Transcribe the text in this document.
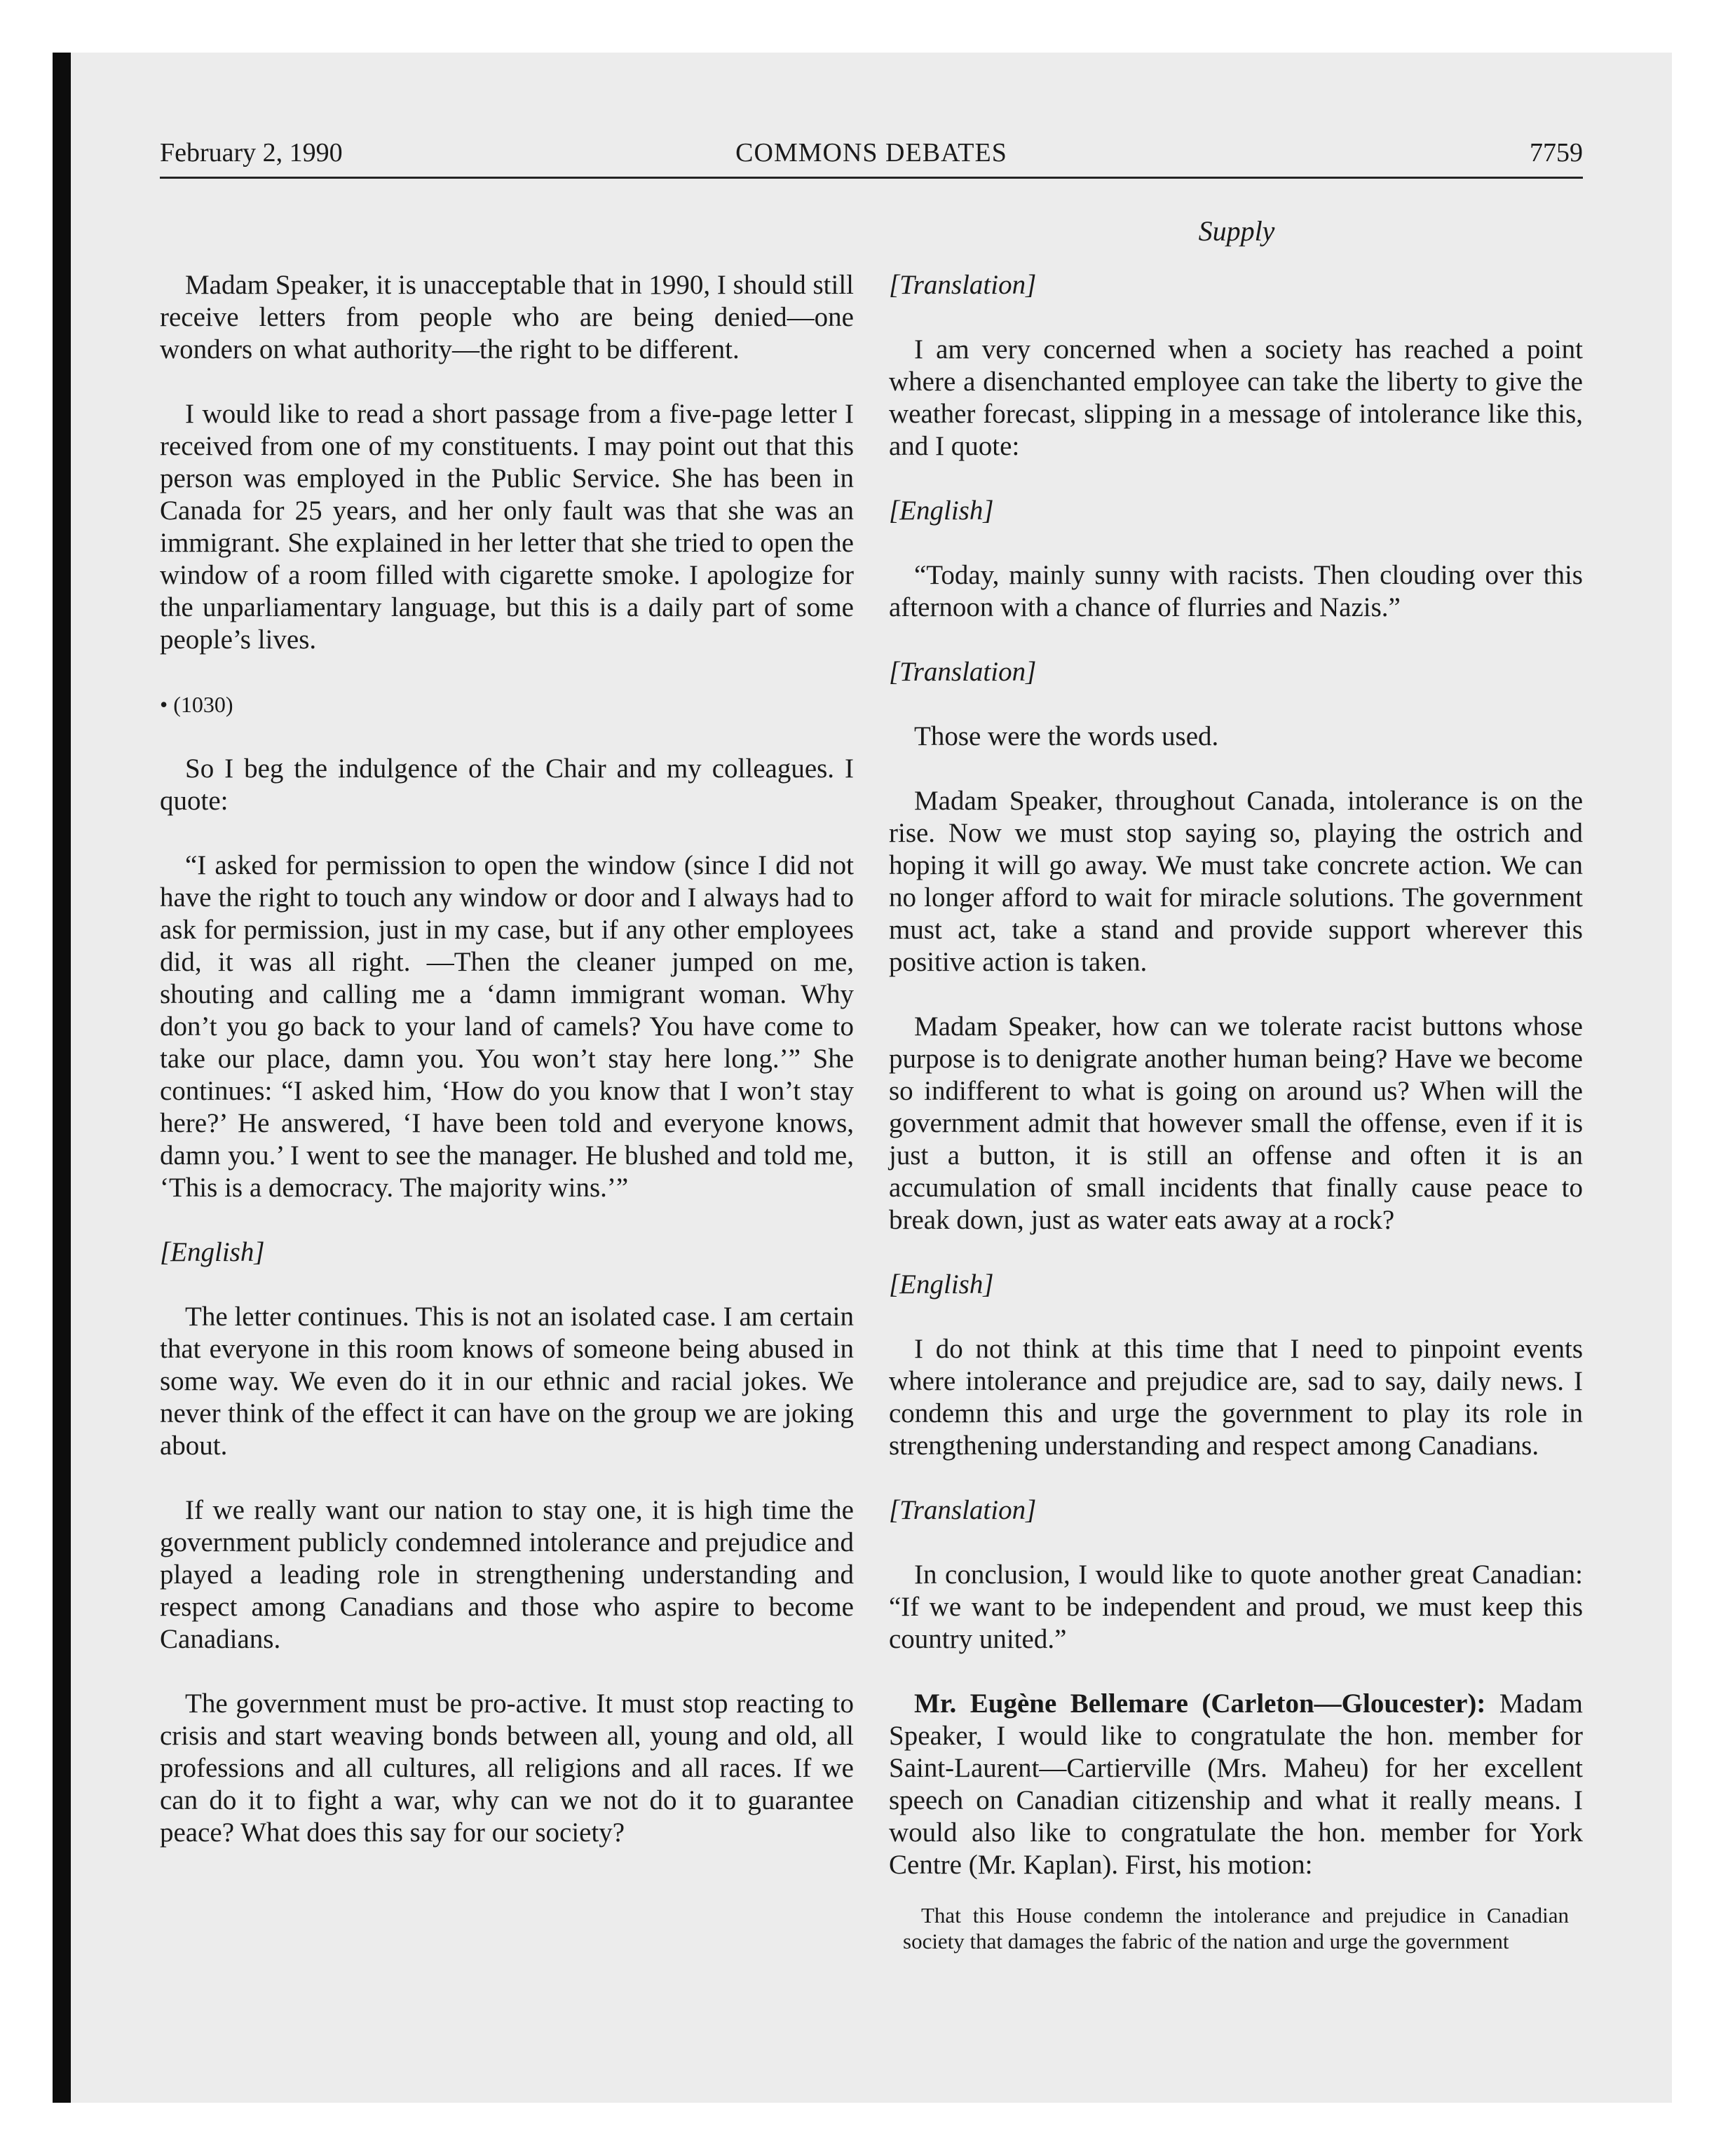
February 2, 1990	COMMONS DEBATES	7759
Supply

Madam Speaker, it is unacceptable that in 1990, I should still receive letters from people who are being denied—one wonders on what authority—the right to be different.

I would like to read a short passage from a five-page letter I received from one of my constituents. I may point out that this person was employed in the Public Service. She has been in Canada for 25 years, and her only fault was that she was an immigrant. She explained in her letter that she tried to open the window of a room filled with cigarette smoke. I apologize for the unparliamentary language, but this is a daily part of some people’s lives.

• (1030)

So I beg the indulgence of the Chair and my colleagues. I quote:

“I asked for permission to open the window (since I did not have the right to touch any window or door and I always had to ask for permission, just in my case, but if any other employees did, it was all right. —Then the cleaner jumped on me, shouting and calling me a ‘damn immigrant woman. Why don’t you go back to your land of camels? You have come to take our place, damn you. You won’t stay here long.’” She continues: “I asked him, ‘How do you know that I won’t stay here?’ He answered, ‘I have been told and everyone knows, damn you.’ I went to see the manager. He blushed and told me, ‘This is a democracy. The majority wins.’”

[English]

The letter continues. This is not an isolated case. I am certain that everyone in this room knows of someone being abused in some way. We even do it in our ethnic and racial jokes. We never think of the effect it can have on the group we are joking about.

If we really want our nation to stay one, it is high time the government publicly condemned intolerance and prejudice and played a leading role in strengthening understanding and respect among Canadians and those who aspire to become Canadians.

The government must be pro-active. It must stop reacting to crisis and start weaving bonds between all, young and old, all professions and all cultures, all religions and all races. If we can do it to fight a war, why can we not do it to guarantee peace? What does this say for our society?

[Translation]

I am very concerned when a society has reached a point where a disenchanted employee can take the liberty to give the weather forecast, slipping in a message of intolerance like this, and I quote:

[English]

“Today, mainly sunny with racists. Then clouding over this afternoon with a chance of flurries and Nazis.”

[Translation]

Those were the words used.

Madam Speaker, throughout Canada, intolerance is on the rise. Now we must stop saying so, playing the ostrich and hoping it will go away. We must take concrete action. We can no longer afford to wait for miracle solutions. The government must act, take a stand and provide support wherever this positive action is taken.

Madam Speaker, how can we tolerate racist buttons whose purpose is to denigrate another human being? Have we become so indifferent to what is going on around us? When will the government admit that however small the offense, even if it is just a button, it is still an offense and often it is an accumulation of small incidents that finally cause peace to break down, just as water eats away at a rock?

[English]

I do not think at this time that I need to pinpoint events where intolerance and prejudice are, sad to say, daily news. I condemn this and urge the government to play its role in strengthening understanding and respect among Canadians.

[Translation]

In conclusion, I would like to quote another great Canadian: “If we want to be independent and proud, we must keep this country united.”

Mr. Eugène Bellemare (Carleton—Gloucester): Madam Speaker, I would like to congratulate the hon. member for Saint-Laurent—Cartierville (Mrs. Maheu) for her excellent speech on Canadian citizenship and what it really means. I would also like to congratulate the hon. member for York Centre (Mr. Kaplan). First, his motion:

That this House condemn the intolerance and prejudice in Canadian society that damages the fabric of the nation and urge the government
